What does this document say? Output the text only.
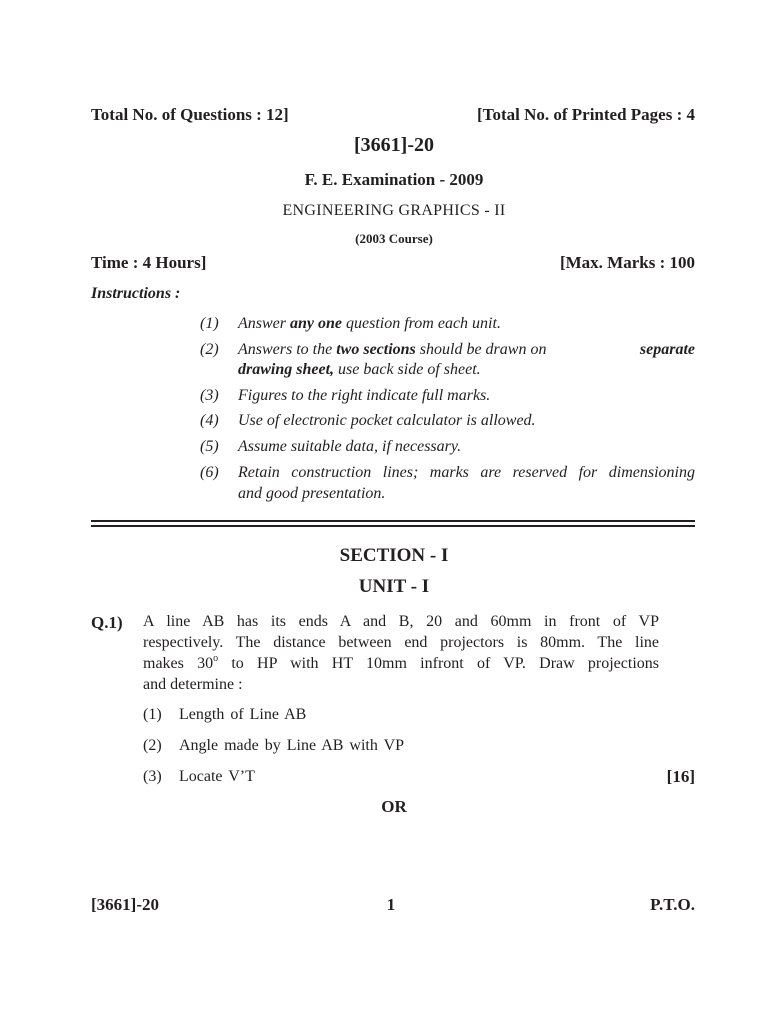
Total No. of Questions : 12]	[Total No. of Printed Pages : 4
[3661]-20
F. E. Examination - 2009
ENGINEERING GRAPHICS - II
(2003 Course)
Time : 4 Hours]	[Max. Marks : 100
Instructions :
(1) Answer any one question from each unit.
(2) Answers to the two sections should be drawn on	separate
drawing sheet, use back side of sheet.
(3) Figures to the right indicate full marks.
(4) Use of electronic pocket calculator is allowed.
(5) Assume suitable data, if necessary.
(6) Retain construction lines; marks are reserved for dimensioning
and good presentation.
SECTION - I
UNIT - I
Q.1) A line AB has its ends A and B, 20 and 60mm in front of VP
respectively. The distance between end projectors is 80mm. The line
makes 30$^o$ to HP with HT 10mm infront of VP. Draw projections
and determine :
(1) Length of Line AB
(2) Angle made by Line AB with VP
(3) Locate V’T	[16]
OR
[3661]-20	1	P.T.O.
